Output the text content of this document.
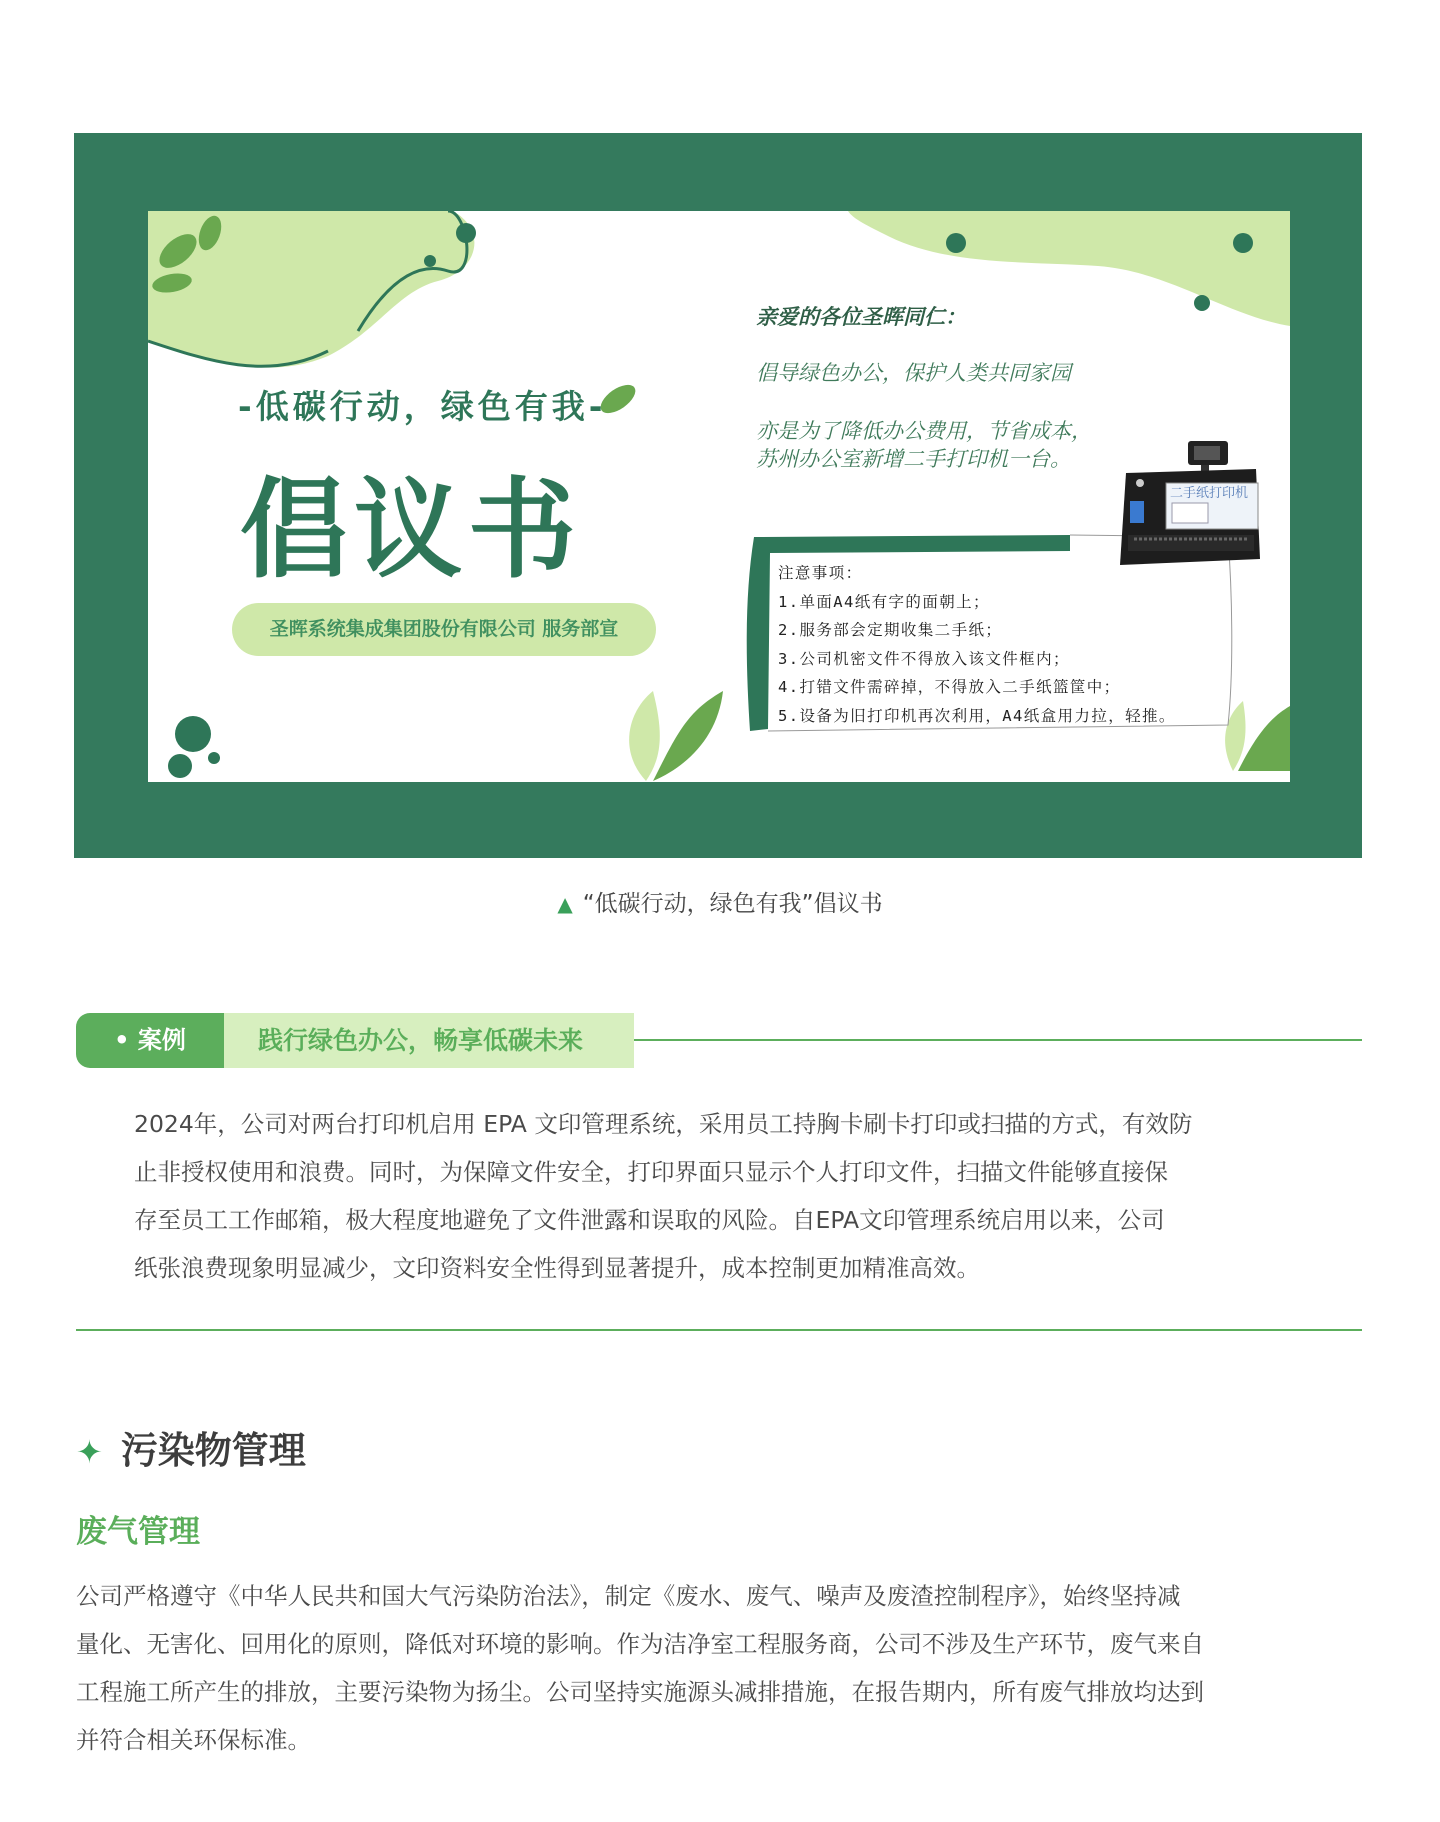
-低碳行动，绿色有我-
倡议书
圣晖系统集成集团股份有限公司 服务部宣
亲爱的各位圣晖同仁：
倡导绿色办公，保护人类共同家园
亦是为了降低办公费用，节省成本，
苏州办公室新增二手打印机一台。
注意事项：
1.单面A4纸有字的面朝上；
2.服务部会定期收集二手纸；
3.公司机密文件不得放入该文件框内；
4.打错文件需碎掉，不得放入二手纸篮筐中；
5.设备为旧打印机再次利用，A4纸盒用力拉，轻推。
二手纸打印机
▲ “低碳行动，绿色有我”倡议书
• 案例	践行绿色办公，畅享低碳未来
2024年，公司对两台打印机启用 EPA 文印管理系统，采用员工持胸卡刷卡打印或扫描的方式，有效防
止非授权使用和浪费。同时，为保障文件安全，打印界面只显示个人打印文件，扫描文件能够直接保
存至员工工作邮箱，极大程度地避免了文件泄露和误取的风险。自EPA文印管理系统启用以来，公司
纸张浪费现象明显减少，文印资料安全性得到显著提升，成本控制更加精准高效。
✦ 污染物管理
废气管理
公司严格遵守《中华人民共和国大气污染防治法》，制定《废水、废气、噪声及废渣控制程序》，始终坚持减
量化、无害化、回用化的原则，降低对环境的影响。作为洁净室工程服务商，公司不涉及生产环节，废气来自
工程施工所产生的排放，主要污染物为扬尘。公司坚持实施源头减排措施，在报告期内，所有废气排放均达到
并符合相关环保标准。
